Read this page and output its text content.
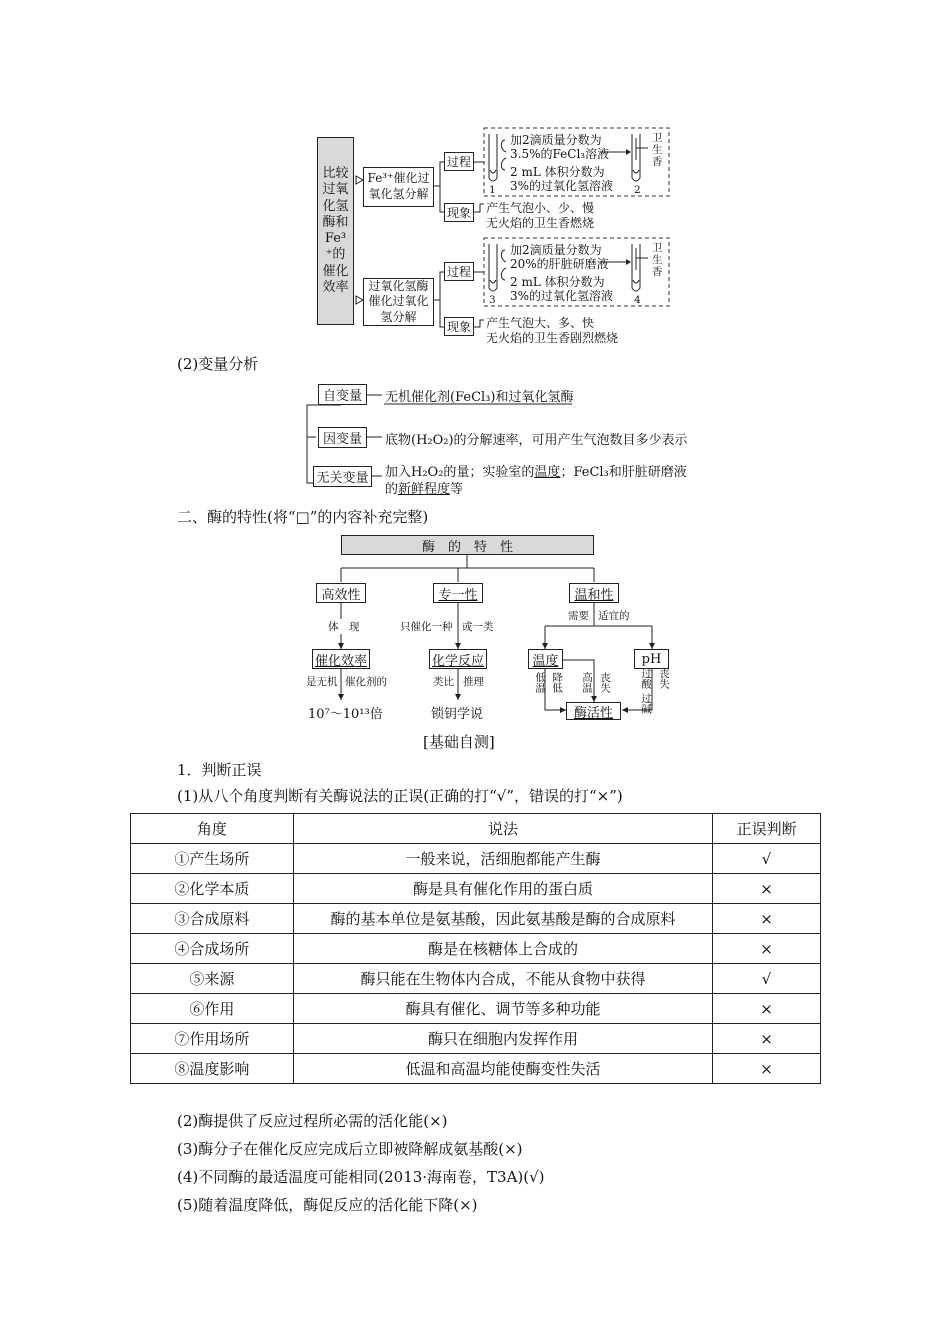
比较过氧化氢酶和Fe³⁺的催化效率
Fe³⁺催化过氧化氢分解
过氧化氢酶催化过氧化氢分解
过程
现象
过程
现象
加2滴质量分数为
3.5%的FeCl₃溶液
2 mL 体积分数为
3%的过氧化氢溶液
1	2
卫生香
产生气泡小、少、慢
无火焰的卫生香燃烧
加2滴质量分数为
20%的肝脏研磨液
2 mL 体积分数为
3%的过氧化氢溶液
3	4
卫生香
产生气泡大、多、快
无火焰的卫生香剧烈燃烧
(2)变量分析
自变量
因变量
无关变量
无机催化剂(FeCl₃)和过氧化氢酶
底物(H₂O₂)的分解速率，可用产生气泡数目多少表示
加入H₂O₂的量；实验室的温度；FeCl₃和肝脏研磨液
的新鲜程度等
二、酶的特性(将“□”的内容补充完整)
酶　的　特　性
高效性	专一性	温和性
体　现	只催化一种 或一类
需要 适宜的
催化效率	化学反应	温度	pH
是无机 催化剂的	类比 推理	低温 降低 高温 丧失	过酸
过碱
丧失
酶活性
10⁷～10¹³倍	锁钥学说
[基础自测]
1．判断正误
(1)从八个角度判断有关酶说法的正误(正确的打“√”，错误的打“×”)
角度	说法	正误判断
①产生场所	一般来说，活细胞都能产生酶	√
②化学本质	酶是具有催化作用的蛋白质	×
③合成原料	酶的基本单位是氨基酸，因此氨基酸是酶的合成原料	×
④合成场所	酶是在核糖体上合成的	×
⑤来源	酶只能在生物体内合成，不能从食物中获得	√
⑥作用	酶具有催化、调节等多种功能	×
⑦作用场所	酶只在细胞内发挥作用	×
⑧温度影响	低温和高温均能使酶变性失活	×
(2)酶提供了反应过程所必需的活化能(×)
(3)酶分子在催化反应完成后立即被降解成氨基酸(×)
(4)不同酶的最适温度可能相同(2013·海南卷，T3A)(√)
(5)随着温度降低，酶促反应的活化能下降(×)
